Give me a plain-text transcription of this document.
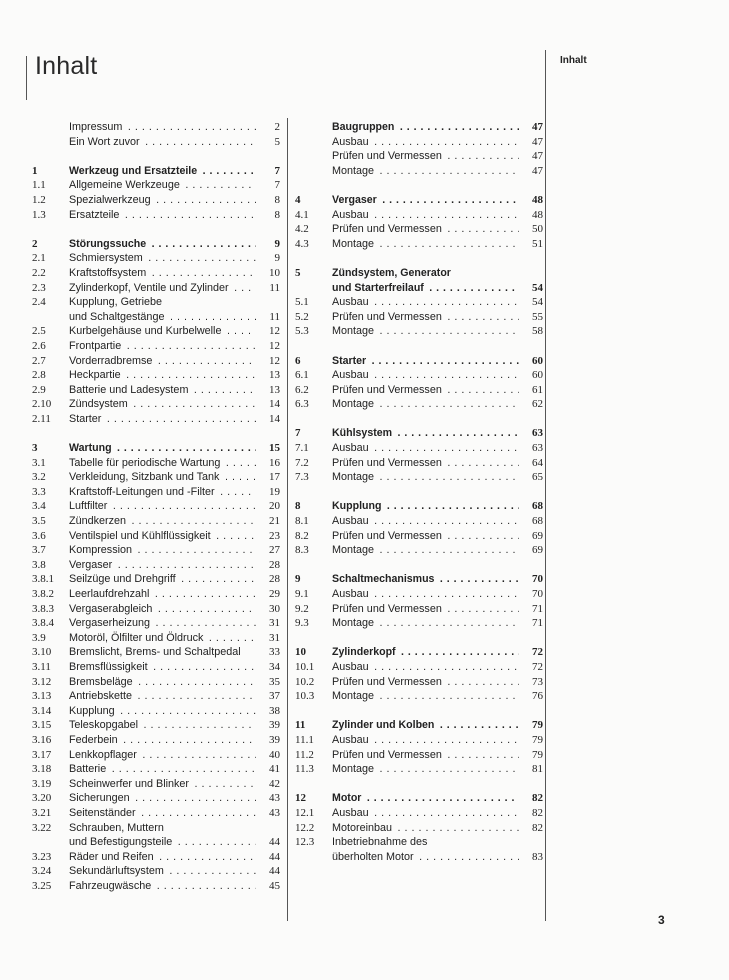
Inhalt	Inhalt
3
Impressum . . .	2
Ein Wort zuvor . . .	5
1	Werkzeug und Ersatzteile . . .	7
1.1	Allgemeine Werkzeuge . . .	7
1.2	Spezialwerkzeug . . .	8
1.3	Ersatzteile . . .	8
2	Störungssuche . . .	9
2.1	Schmiersystem . . .	9
2.2	Kraftstoffsystem . . .	10
2.3	Zylinderkopf, Ventile und Zylinder . . .	11
2.4	Kupplung, Getriebe
und Schaltgestänge . . .	11
2.5	Kurbelgehäuse und Kurbelwelle . . .	12
2.6	Frontpartie . . .	12
2.7	Vorderradbremse . . .	12
2.8	Heckpartie . . .	13
2.9	Batterie und Ladesystem . . .	13
2.10	Zündsystem . . .	14
2.11	Starter . . .	14
3	Wartung . . .	15
3.1	Tabelle für periodische Wartung . . .	16
3.2	Verkleidung, Sitzbank und Tank . . .	17
3.3	Kraftstoff-Leitungen und -Filter . . .	19
3.4	Luftfilter . . .	20
3.5	Zündkerzen . . .	21
3.6	Ventilspiel und Kühlflüssigkeit . . .	23
3.7	Kompression . . .	27
3.8	Vergaser . . .	28
3.8.1	Seilzüge und Drehgriff . . .	28
3.8.2	Leerlaufdrehzahl . . .	29
3.8.3	Vergaserabgleich . . .	30
3.8.4	Vergaserheizung . . .	31
3.9	Motoröl, Ölfilter und Öldruck . . .	31
3.10	Bremslicht, Brems- und Schaltpedal	33
3.11	Bremsflüssigkeit . . .	34
3.12	Bremsbeläge . . .	35
3.13	Antriebskette . . .	37
3.14	Kupplung . . .	38
3.15	Teleskopgabel . . .	39
3.16	Federbein . . .	39
3.17	Lenkkopflager . . .	40
3.18	Batterie . . .	41
3.19	Scheinwerfer und Blinker . . .	42
3.20	Sicherungen . . .	43
3.21	Seitenständer . . .	43
3.22	Schrauben, Muttern
und Befestigungsteile . . .	44
3.23	Räder und Reifen . . .	44
3.24	Sekundärluftsystem . . .	44
3.25	Fahrzeugwäsche . . .	45
Baugruppen . . .	47
Ausbau . . .	47
Prüfen und Vermessen . . .	47
Montage . . .	47
4	Vergaser . . .	48
4.1	Ausbau . . .	48
4.2	Prüfen und Vermessen . . .	50
4.3	Montage . . .	51
5	Zündsystem, Generator
und Starterfreilauf . . .	54
5.1	Ausbau . . .	54
5.2	Prüfen und Vermessen . . .	55
5.3	Montage . . .	58
6	Starter . . .	60
6.1	Ausbau . . .	60
6.2	Prüfen und Vermessen . . .	61
6.3	Montage . . .	62
7	Kühlsystem . . .	63
7.1	Ausbau . . .	63
7.2	Prüfen und Vermessen . . .	64
7.3	Montage . . .	65
8	Kupplung . . .	68
8.1	Ausbau . . .	68
8.2	Prüfen und Vermessen . . .	69
8.3	Montage . . .	69
9	Schaltmechanismus . . .	70
9.1	Ausbau . . .	70
9.2	Prüfen und Vermessen . . .	71
9.3	Montage . . .	71
10	Zylinderkopf . . .	72
10.1	Ausbau . . .	72
10.2	Prüfen und Vermessen . . .	73
10.3	Montage . . .	76
11	Zylinder und Kolben . . .	79
11.1	Ausbau . . .	79
11.2	Prüfen und Vermessen . . .	79
11.3	Montage . . .	81
12	Motor . . .	82
12.1	Ausbau . . .	82
12.2	Motoreinbau . . .	82
12.3	Inbetriebnahme des
überholten Motor . . .	83
